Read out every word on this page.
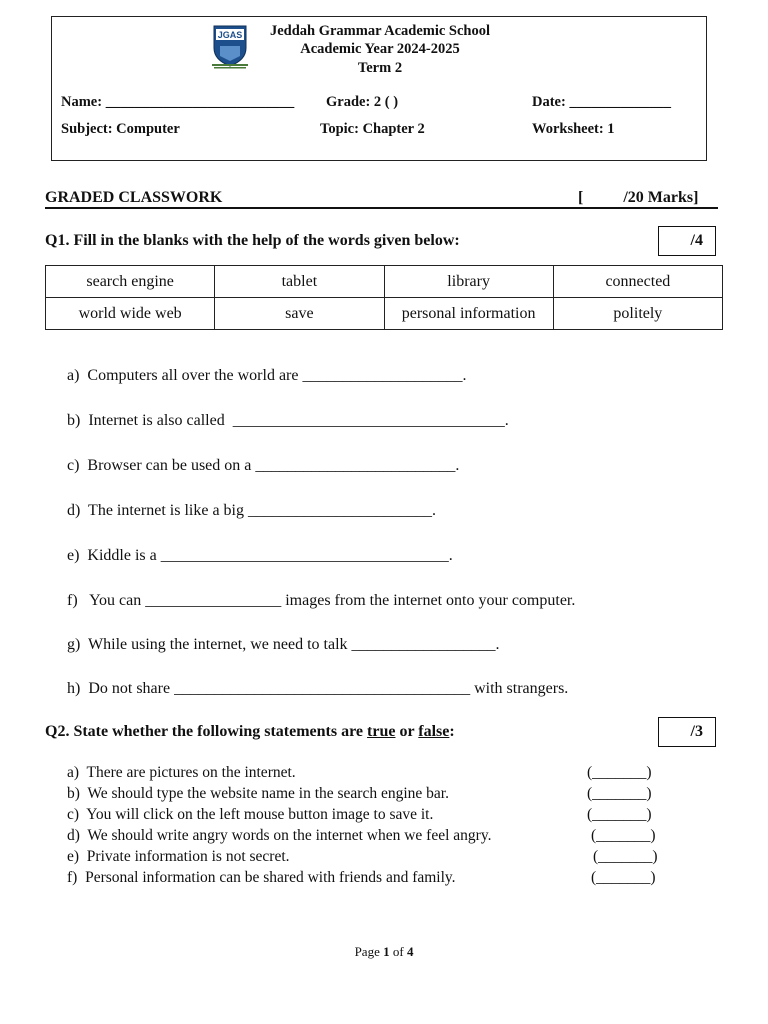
JGAS	Jeddah Grammar Academic School
Academic Year 2024-2025
Term 2
Name: __________________________ Grade: 2 ( )	Date: ______________
Subject: Computer	Topic: Chapter 2	Worksheet: 1
GRADED CLASSWORK	[          /20 Marks]
Q1. Fill in the blanks with the help of the words given below:	/4
search engine	tablet	library	connected
world wide web	save	personal information	politely
a)  Computers all over the world are ____________________.
b)  Internet is also called  __________________________________.
c)  Browser can be used on a _________________________.
d)  The internet is like a big _______________________.
e)  Kiddle is a ____________________________________.
f)   You can _________________ images from the internet onto your computer.
g)  While using the internet, we need to talk __________________.
h)  Do not share _____________________________________ with strangers.
Q2. State whether the following statements are true or false:	/3
a)  There are pictures on the internet.	(_______)
b)  We should type the website name in the search engine bar.	(_______)
c)  You will click on the left mouse button image to save it.	(_______)
d)  We should write angry words on the internet when we feel angry.	(_______)
e)  Private information is not secret.	(_______)
f)  Personal information can be shared with friends and family.	(_______)
Page 1 of 4
